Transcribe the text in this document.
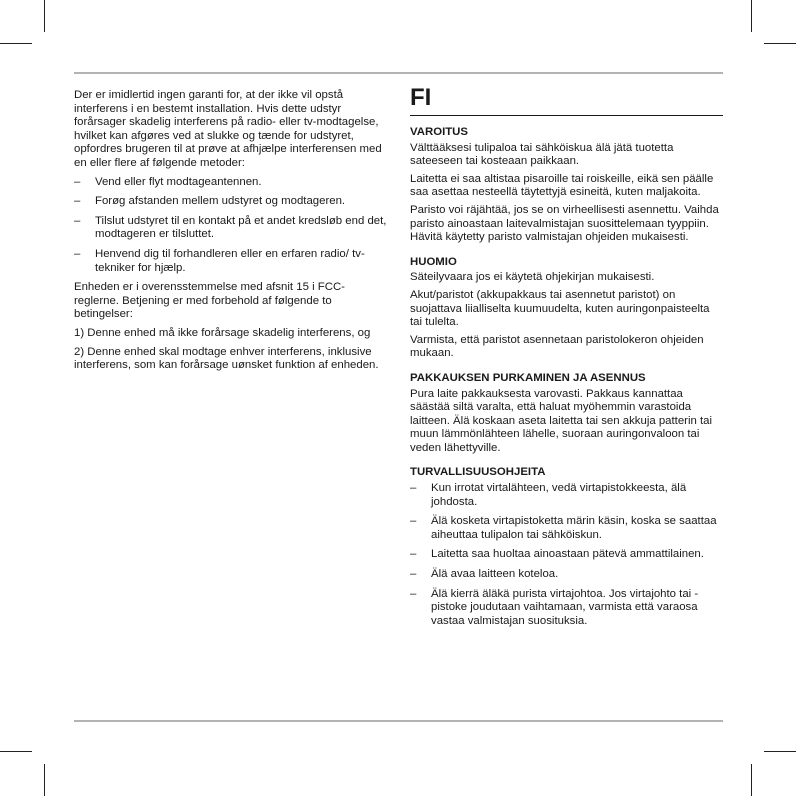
Der er imidlertid ingen garanti for, at der ikke vil opstå interferens i en bestemt installation. Hvis dette udstyr forårsager skadelig interferens på radio- eller tv-modtagelse, hvilket kan afgøres ved at slukke og tænde for udstyret, opfordres brugeren til at prøve at afhjælpe interferensen med en eller flere af følgende metoder:

– Vend eller flyt modtageantennen.
– Forøg afstanden mellem udstyret og modtageren.
– Tilslut udstyret til en kontakt på et andet kredsløb end det, modtageren er tilsluttet.
– Henvend dig til forhandleren eller en erfaren radio/ tv-tekniker for hjælp.

Enheden er i overensstemmelse med afsnit 15 i FCC-reglerne. Betjening er med forbehold af følgende to betingelser:

1) Denne enhed må ikke forårsage skadelig interferens, og

2) Denne enhed skal modtage enhver interferens, inklusive interferens, som kan forårsage uønsket funktion af enheden.

FI
VAROITUS

Välttääksesi tulipaloa tai sähköiskua älä jätä tuotetta sateeseen tai kosteaan paikkaan.

Laitetta ei saa altistaa pisaroille tai roiskeille, eikä sen päälle saa asettaa nesteellä täytettyjä esineitä, kuten maljakoita.

Paristo voi räjähtää, jos se on virheellisesti asennettu. Vaihda paristo ainoastaan laitevalmistajan suosittelemaan tyyppiin. Hävitä käytetty paristo valmistajan ohjeiden mukaisesti.

HUOMIO

Säteilyvaara jos ei käytetä ohjekirjan mukaisesti.

Akut/paristot (akkupakkaus tai asennetut paristot) on suojattava liialliselta kuumuudelta, kuten auringonpaisteelta tai tulelta.

Varmista, että paristot asennetaan paristolokeron ohjeiden mukaan.

PAKKAUKSEN PURKAMINEN JA ASENNUS

Pura laite pakkauksesta varovasti. Pakkaus kannattaa säästää siltä varalta, että haluat myöhemmin varastoida laitteen. Älä koskaan aseta laitetta tai sen akkuja patterin tai muun lämmönlähteen lähelle, suoraan auringonvaloon tai veden lähettyville.

TURVALLISUUSOHJEITA
– Kun irrotat virtalähteen, vedä virtapistokkeesta, älä johdosta.
– Älä kosketa virtapistoketta märin käsin, koska se saattaa aiheuttaa tulipalon tai sähköiskun.
– Laitetta saa huoltaa ainoastaan pätevä ammattilainen.
– Älä avaa laitteen koteloa.
– Älä kierrä äläkä purista virtajohtoa. Jos virtajohto tai -pistoke joudutaan vaihtamaan, varmista että varaosa vastaa valmistajan suosituksia.
